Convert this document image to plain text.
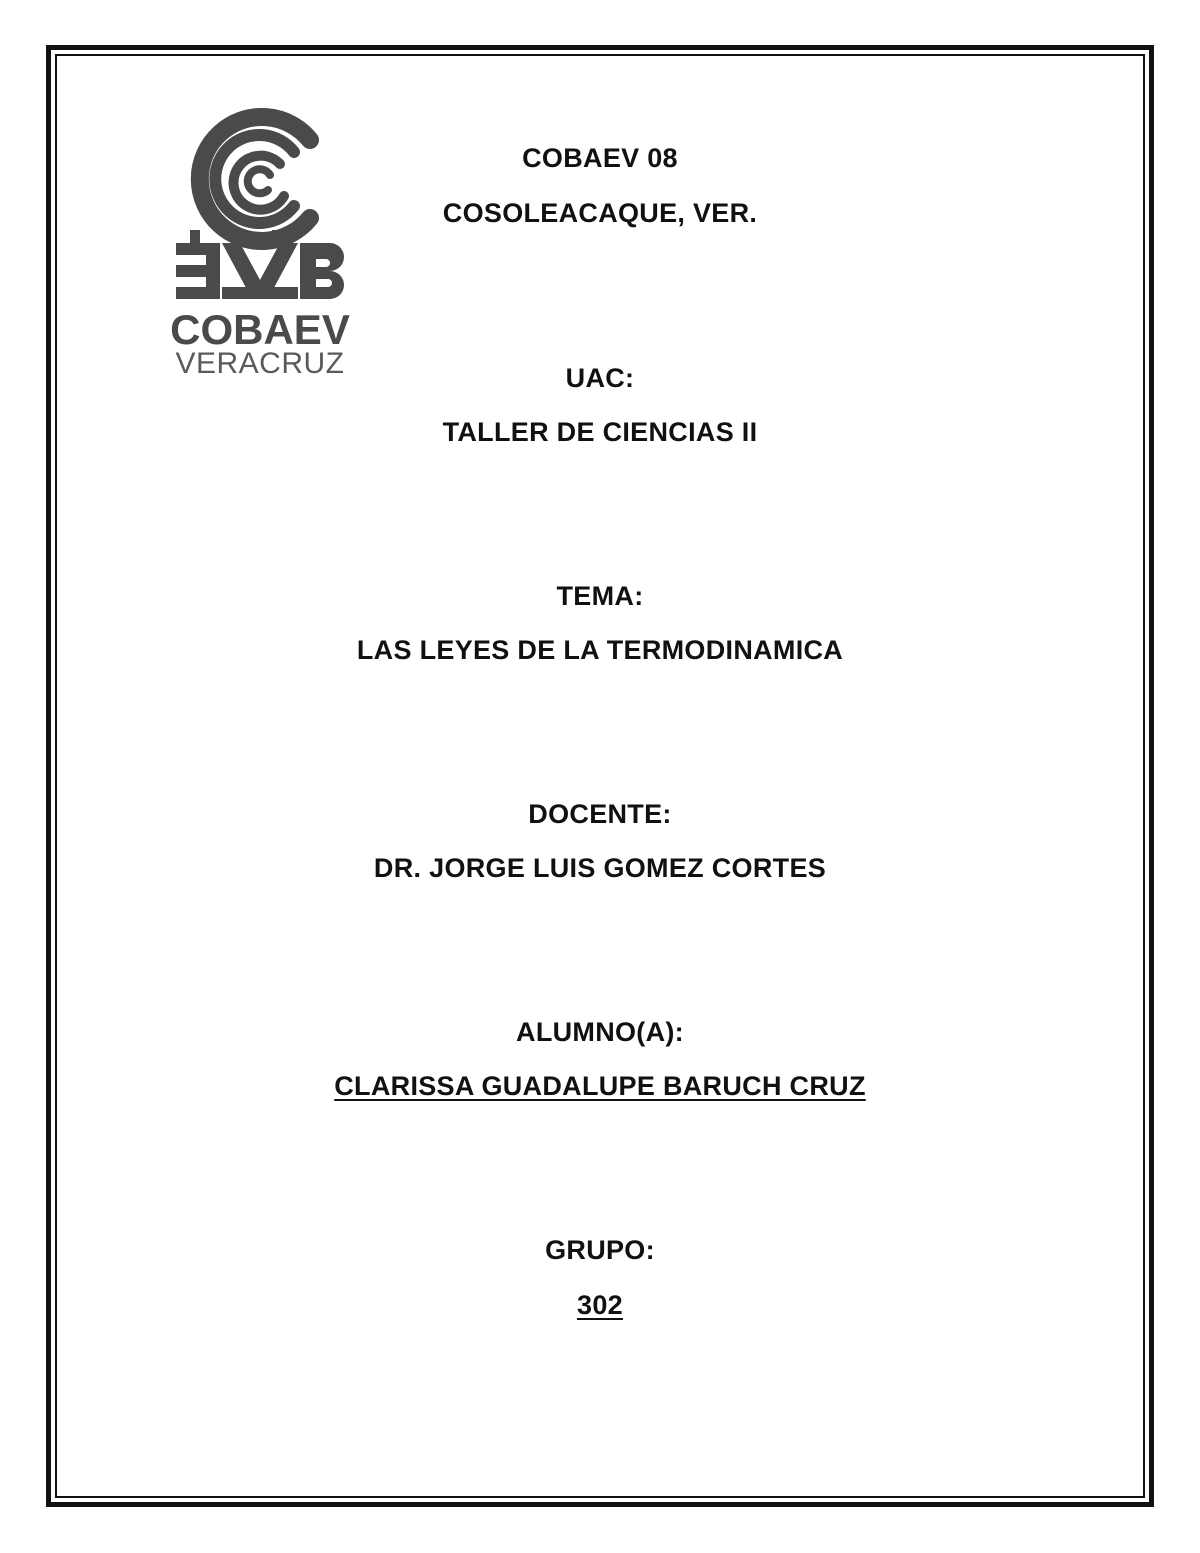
COBAEV
VERACRUZ
COBAEV 08
COSOLEACAQUE, VER.
UAC:
TALLER DE CIENCIAS II
TEMA:
LAS LEYES DE LA TERMODINAMICA
DOCENTE:
DR. JORGE LUIS GOMEZ CORTES
ALUMNO(A):
CLARISSA GUADALUPE BARUCH CRUZ
GRUPO:
302
